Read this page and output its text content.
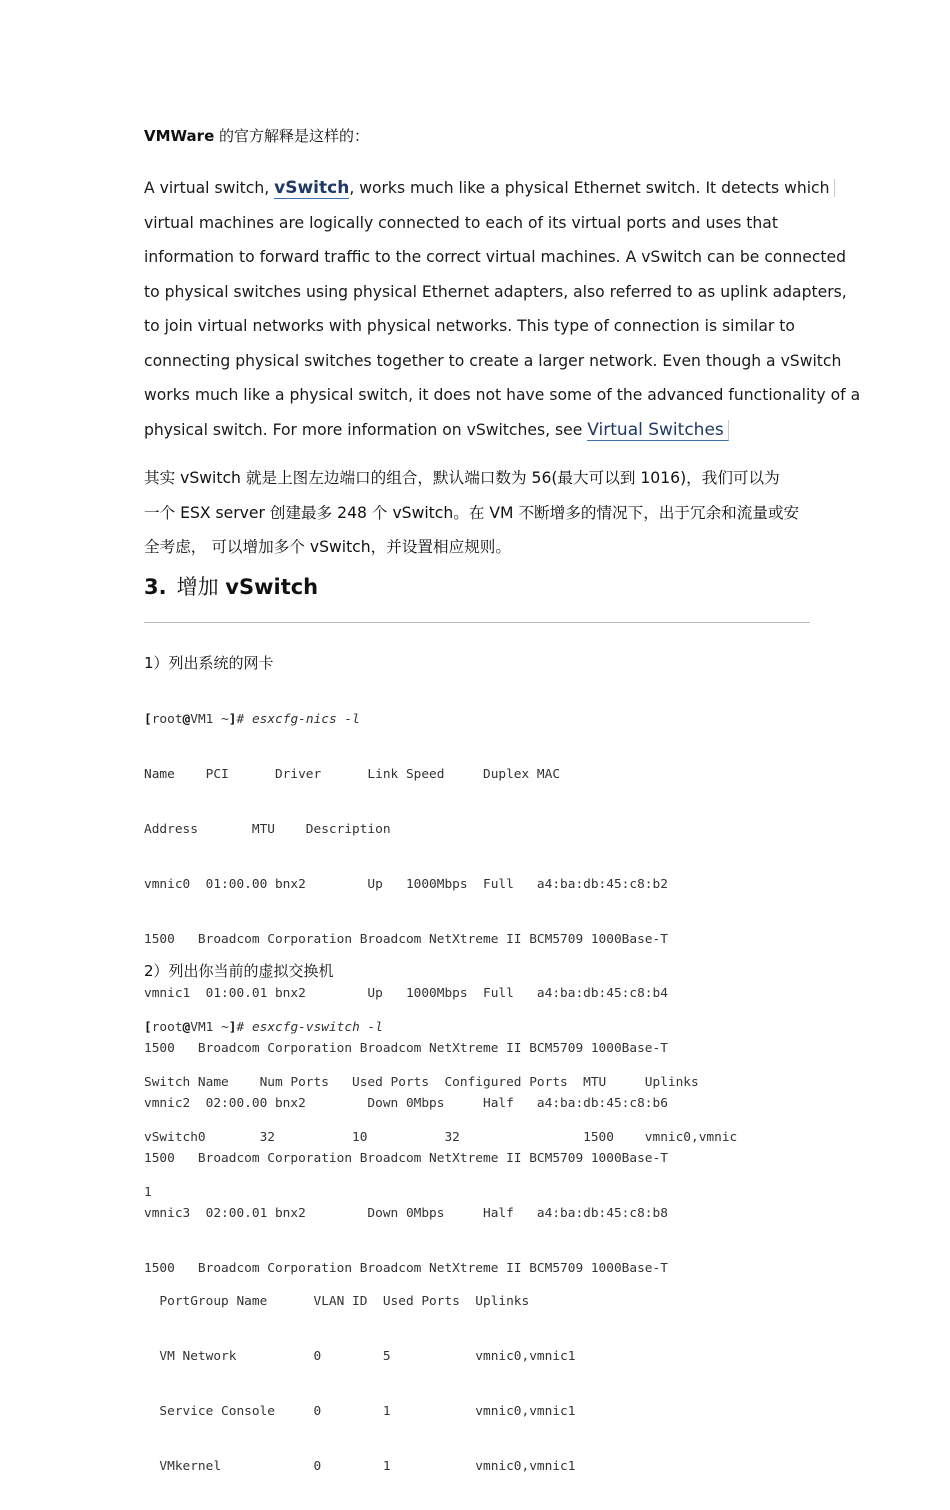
VMWare 的官方解释是这样的：
A virtual switch, vSwitch, works much like a physical Ethernet switch. It detects which
virtual machines are logically connected to each of its virtual ports and uses that
information to forward traffic to the correct virtual machines. A vSwitch can be connected
to physical switches using physical Ethernet adapters, also referred to as uplink adapters,
to join virtual networks with physical networks. This type of connection is similar to
connecting physical switches together to create a larger network. Even though a vSwitch
works much like a physical switch, it does not have some of the advanced functionality of a
physical switch. For more information on vSwitches, see Virtual Switches
其实 vSwitch 就是上图左边端口的组合，默认端口数为 56(最大可以到 1016)，我们可以为
一个 ESX server 创建最多 248 个 vSwitch。在 VM 不断增多的情况下，出于冗余和流量或安
全考虑， 可以增加多个 vSwitch，并设置相应规则。
3. 增加 vSwitch
1）列出系统的网卡

[root@VM1 ~]# esxcfg-nics -l

Name    PCI      Driver      Link Speed     Duplex MAC

Address       MTU    Description

vmnic0  01:00.00 bnx2        Up   1000Mbps  Full   a4:ba:db:45:c8:b2

1500   Broadcom Corporation Broadcom NetXtreme II BCM5709 1000Base-T

vmnic1  01:00.01 bnx2        Up   1000Mbps  Full   a4:ba:db:45:c8:b4

1500   Broadcom Corporation Broadcom NetXtreme II BCM5709 1000Base-T

vmnic2  02:00.00 bnx2        Down 0Mbps     Half   a4:ba:db:45:c8:b6

1500   Broadcom Corporation Broadcom NetXtreme II BCM5709 1000Base-T

vmnic3  02:00.01 bnx2        Down 0Mbps     Half   a4:ba:db:45:c8:b8

1500   Broadcom Corporation Broadcom NetXtreme II BCM5709 1000Base-T

2）列出你当前的虚拟交换机

[root@VM1 ~]# esxcfg-vswitch -l

Switch Name    Num Ports   Used Ports  Configured Ports  MTU     Uplinks

vSwitch0       32          10          32                1500    vmnic0,vmnic

1

PortGroup Name      VLAN ID  Used Ports  Uplinks

VM Network          0        5           vmnic0,vmnic1

Service Console     0        1           vmnic0,vmnic1

VMkernel            0        1           vmnic0,vmnic1
